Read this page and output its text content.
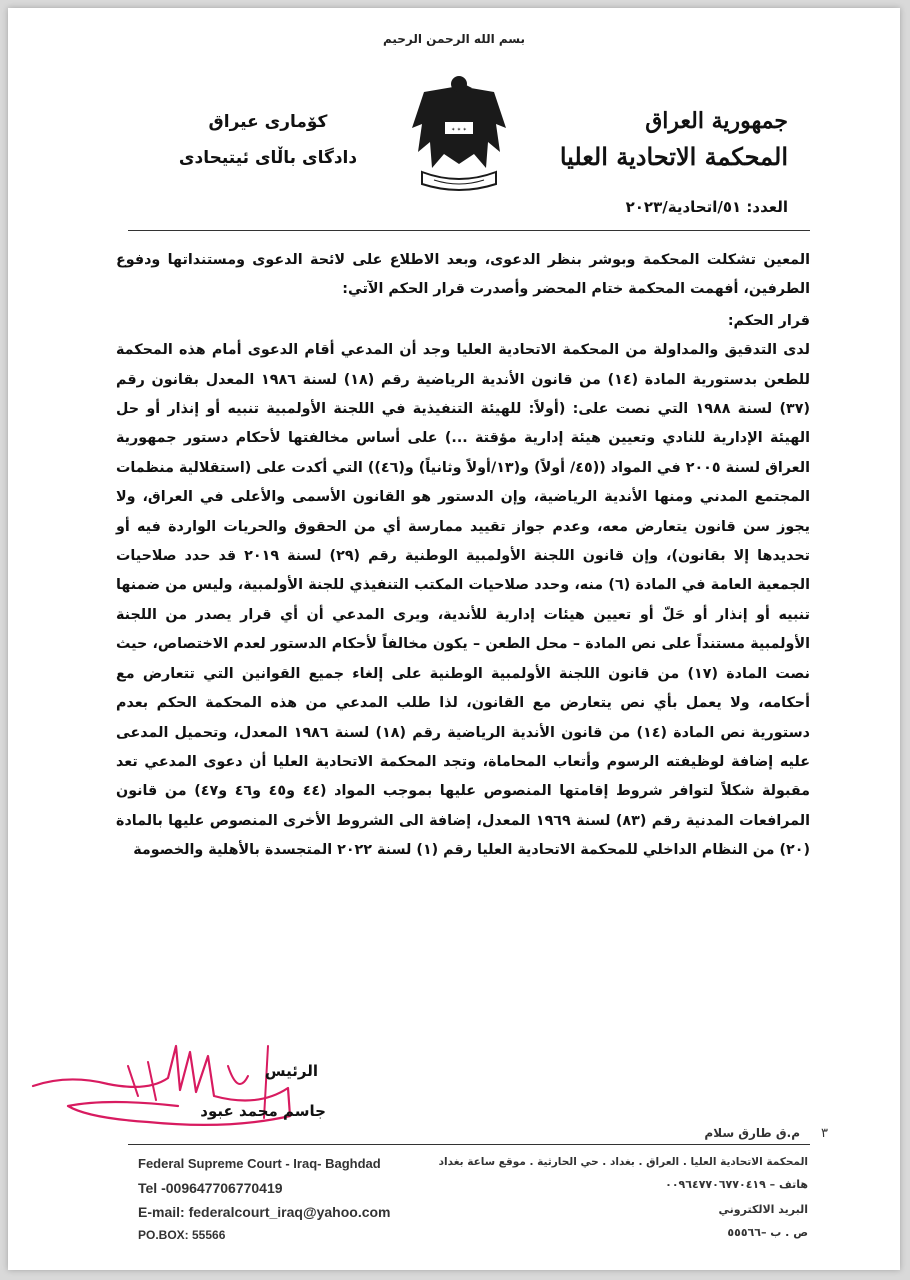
بسم الله الرحمن الرحيم
جمهورية العراق
المحكمة الاتحادية العليا
✶ ✶ ✶
کۆماری عیراق
دادگای باڵای ئیتیحادی
العدد: ٥١/اتحادية/٢٠٢٣

المعين تشكلت المحكمة وبوشر بنظر الدعوى، وبعد الاطلاع على لائحة الدعوى ومستنداتها ودفوع الطرفين، أفهمت المحكمة ختام المحضر وأصدرت قرار الحكم الآتي:

قرار الحكم:

لدى التدقيق والمداولة من المحكمة الاتحادية العليا وجد أن المدعي أقام الدعوى أمام هذه المحكمة للطعن بدستورية المادة (١٤) من قانون الأندية الرياضية رقم (١٨) لسنة ١٩٨٦ المعدل بقانون رقم (٣٧) لسنة ١٩٨٨ التي نصت على: (أولاً: للهيئة التنفيذية في اللجنة الأولمبية تنبيه أو إنذار أو حل الهيئة الإدارية للنادي وتعيين هيئة إدارية مؤقتة ...) على أساس مخالفتها لأحكام دستور جمهورية العراق لسنة ٢٠٠٥ في المواد ((٤٥/ أولاً) و(١٣/أولاً وثانياً) و(٤٦)) التي أكدت على (استقلالية منظمات المجتمع المدني ومنها الأندية الرياضية، وإن الدستور هو القانون الأسمى والأعلى في العراق، ولا يجوز سن قانون يتعارض معه، وعدم جواز تقييد ممارسة أي من الحقوق والحريات الواردة فيه أو تحديدها إلا بقانون)، وإن قانون اللجنة الأولمبية الوطنية رقم (٢٩) لسنة ٢٠١٩ قد حدد صلاحيات الجمعية العامة في المادة (٦) منه، وحدد صلاحيات المكتب التنفيذي للجنة الأولمبية، وليس من ضمنها تنبيه أو إنذار أو حَلّ أو تعيين هيئات إدارية للأندية، ويرى المدعي أن أي قرار يصدر من اللجنة الأولمبية مستنداً على نص المادة – محل الطعن – يكون مخالفاً لأحكام الدستور لعدم الاختصاص، حيث نصت المادة (١٧) من قانون اللجنة الأولمبية الوطنية على إلغاء جميع القوانين التي تتعارض مع أحكامه، ولا يعمل بأي نص يتعارض مع القانون، لذا طلب المدعي من هذه المحكمة الحكم بعدم دستورية نص المادة (١٤) من قانون الأندية الرياضية رقم (١٨) لسنة ١٩٨٦ المعدل، وتحميل المدعى عليه إضافة لوظيفته الرسوم وأتعاب المحاماة، وتجد المحكمة الاتحادية العليا أن دعوى المدعي تعد مقبولة شكلاً لتوافر شروط إقامتها المنصوص عليها بموجب المواد (٤٤ و٤٥ و٤٦ و٤٧) من قانون المرافعات المدنية رقم (٨٣) لسنة ١٩٦٩ المعدل، إضافة الى الشروط الأخرى المنصوص عليها بالمادة (٢٠) من النظام الداخلي للمحكمة الاتحادية العليا رقم (١) لسنة ٢٠٢٢ المتجسدة بالأهلية والخصومة

الرئيس
جاسم محمد عبود
م.ق طارق سلام ٣
Federal Supreme Court - Iraq- Baghdad
Tel -009647706770419
E-mail: federalcourt_iraq@yahoo.com
PO.BOX: 55566
المحكمة الاتحادية العليا . العراق . بغداد . حي الحارثية . موقع ساعة بغداد
هاتف – ٠٠٩٦٤٧٧٠٦٧٧٠٤١٩
البريد الالكتروني
ص . ب –٥٥٥٦٦
